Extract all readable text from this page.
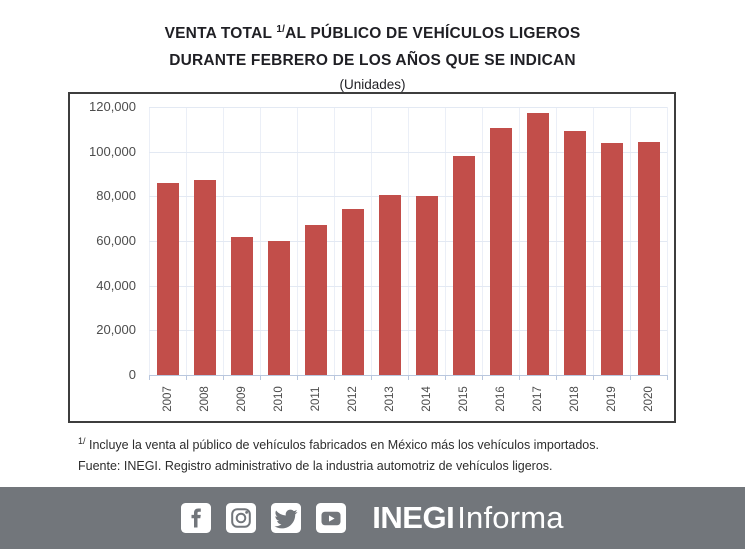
VENTA TOTAL $^{1/}$AL PÚBLICO DE VEHÍCULOS LIGEROS
DURANTE FEBRERO DE LOS AÑOS QUE SE INDICAN
(Unidades)
0
20,000
40,000
60,000
80,000
100,000
120,000
2007 2008 2009 2010 2011 2012 2013 2014 2015 2016 2017 2018 2019 2020
$^{1/}$ Incluye la venta al público de vehículos fabricados en México más los vehículos importados.
Fuente: INEGI. Registro administrativo de la industria automotriz de vehículos ligeros.
INEGI Informa
